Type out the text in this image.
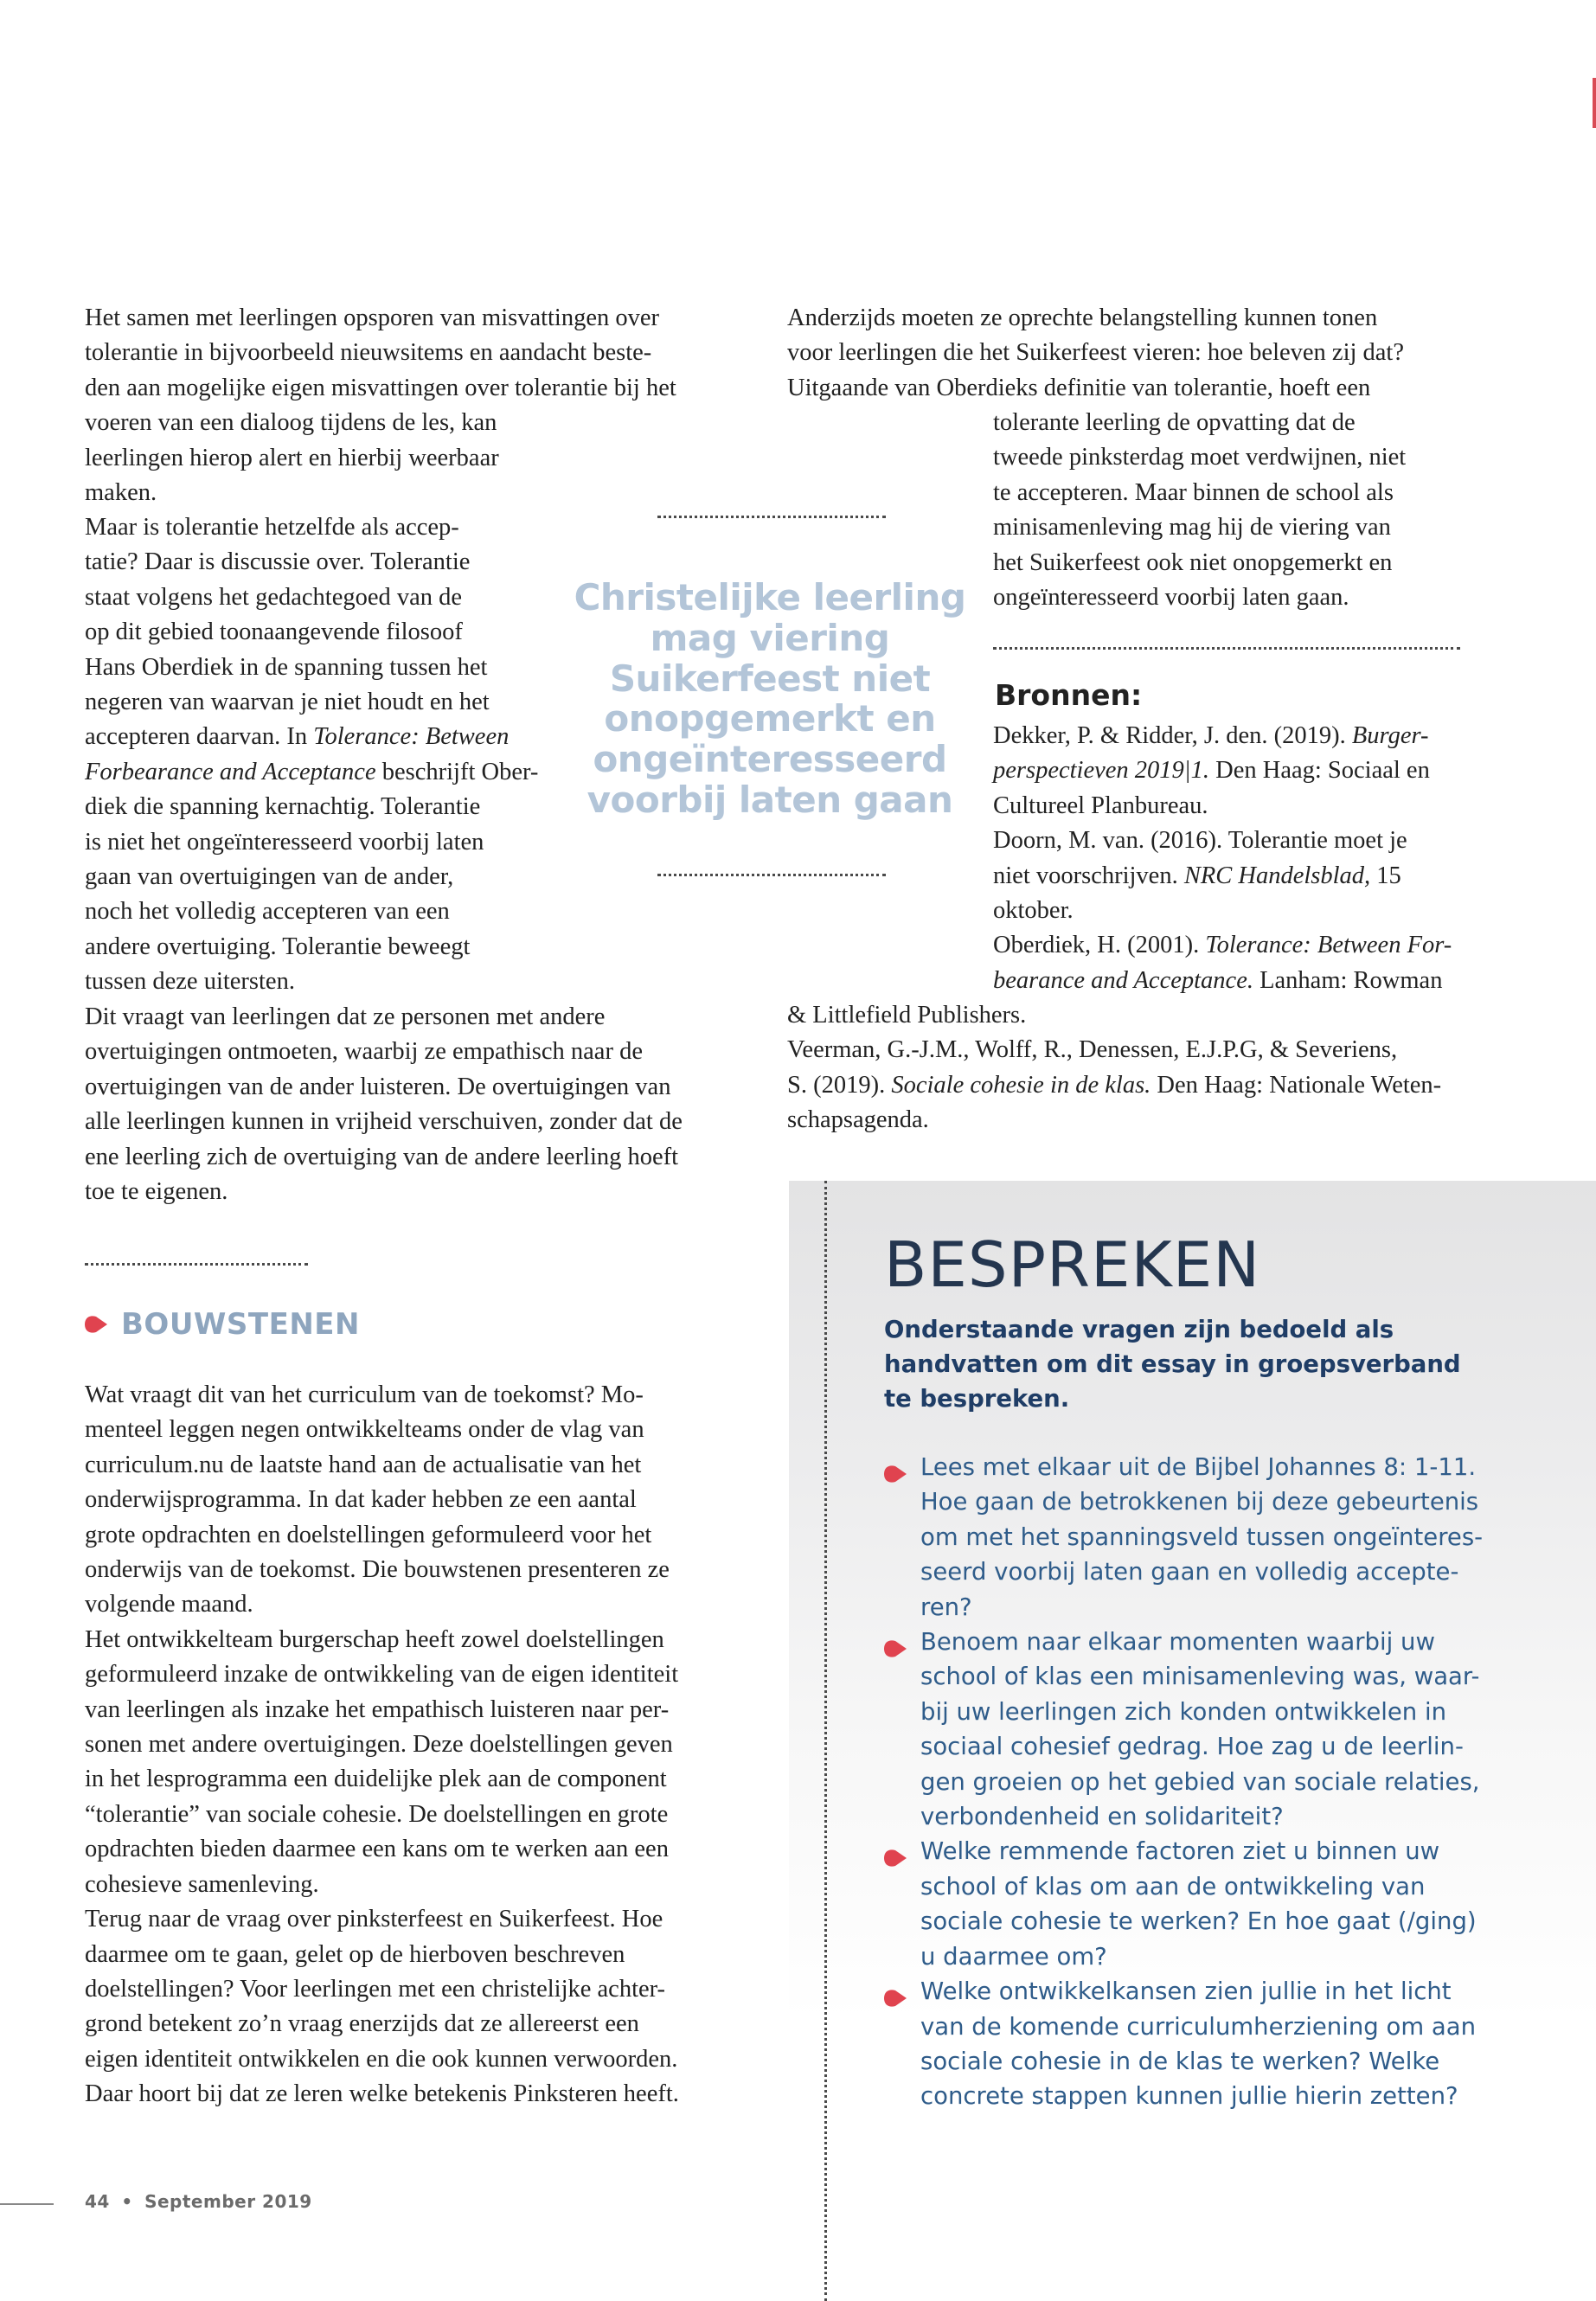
Het samen met leerlingen opsporen van misvattingen over
tolerantie in bijvoorbeeld nieuwsitems en aandacht beste-
den aan mogelijke eigen misvattingen over tolerantie bij het
voeren van een dialoog tijdens de les, kan
leerlingen hierop alert en hierbij weerbaar
maken.
Maar is tolerantie hetzelfde als accep-
tatie? Daar is discussie over. Tolerantie
staat volgens het gedachtegoed van de
op dit gebied toonaangevende filosoof
Hans Oberdiek in de spanning tussen het
negeren van waarvan je niet houdt en het
accepteren daarvan. In Tolerance: Between
Forbearance and Acceptance beschrijft Ober-
diek die spanning kernachtig. Tolerantie
is niet het ongeïnteresseerd voorbij laten
gaan van overtuigingen van de ander,
noch het volledig accepteren van een
andere overtuiging. Tolerantie beweegt
tussen deze uitersten.
Dit vraagt van leerlingen dat ze personen met andere
overtuigingen ontmoeten, waarbij ze empathisch naar de
overtuigingen van de ander luisteren. De overtuigingen van
alle leerlingen kunnen in vrijheid verschuiven, zonder dat de
ene leerling zich de overtuiging van de andere leerling hoeft
toe te eigenen.
Christelijke leerling
mag viering
Suikerfeest niet
onopgemerkt en
ongeïnteresseerd
voorbij laten gaan
Anderzijds moeten ze oprechte belangstelling kunnen tonen
voor leerlingen die het Suikerfeest vieren: hoe beleven zij dat?
Uitgaande van Oberdieks definitie van tolerantie, hoeft een
tolerante leerling de opvatting dat de
tweede pinksterdag moet verdwijnen, niet
te accepteren. Maar binnen de school als
minisamenleving mag hij de viering van
het Suikerfeest ook niet onopgemerkt en
ongeïnteresseerd voorbij laten gaan.
Bronnen:
Dekker, P. & Ridder, J. den. (2019). Burger-
perspectieven 2019|1. Den Haag: Sociaal en
Cultureel Planbureau.
Doorn, M. van. (2016). Tolerantie moet je
niet voorschrijven. NRC Handelsblad, 15
oktober.
Oberdiek, H. (2001). Tolerance: Between For-
bearance and Acceptance. Lanham: Rowman
& Littlefield Publishers.
Veerman, G.-J.M., Wolff, R., Denessen, E.J.P.G, & Severiens,
S. (2019). Sociale cohesie in de klas. Den Haag: Nationale Weten-
schapsagenda.
BOUWSTENEN
Wat vraagt dit van het curriculum van de toekomst? Mo-
menteel leggen negen ontwikkelteams onder de vlag van
curriculum.nu de laatste hand aan de actualisatie van het
onderwijsprogramma. In dat kader hebben ze een aantal
grote opdrachten en doelstellingen geformuleerd voor het
onderwijs van de toekomst. Die bouwstenen presenteren ze
volgende maand.
Het ontwikkelteam burgerschap heeft zowel doelstellingen
geformuleerd inzake de ontwikkeling van de eigen identiteit
van leerlingen als inzake het empathisch luisteren naar per-
sonen met andere overtuigingen. Deze doelstellingen geven
in het lesprogramma een duidelijke plek aan de component
“tolerantie” van sociale cohesie. De doelstellingen en grote
opdrachten bieden daarmee een kans om te werken aan een
cohesieve samenleving.
Terug naar de vraag over pinksterfeest en Suikerfeest. Hoe
daarmee om te gaan, gelet op de hierboven beschreven
doelstellingen? Voor leerlingen met een christelijke achter-
grond betekent zo’n vraag enerzijds dat ze allereerst een
eigen identiteit ontwikkelen en die ook kunnen verwoorden.
Daar hoort bij dat ze leren welke betekenis Pinksteren heeft.
BESPREKEN
Onderstaande vragen zijn bedoeld als
handvatten om dit essay in groepsverband
te bespreken.
Lees met elkaar uit de Bijbel Johannes 8: 1-11.
Hoe gaan de betrokkenen bij deze gebeurtenis
om met het spanningsveld tussen ongeïnteres-
seerd voorbij laten gaan en volledig accepte-
ren?
Benoem naar elkaar momenten waarbij uw
school of klas een minisamenleving was, waar-
bij uw leerlingen zich konden ontwikkelen in
sociaal cohesief gedrag. Hoe zag u de leerlin-
gen groeien op het gebied van sociale relaties,
verbondenheid en solidariteit?
Welke remmende factoren ziet u binnen uw
school of klas om aan de ontwikkeling van
sociale cohesie te werken? En hoe gaat (/ging)
u daarmee om?
Welke ontwikkelkansen zien jullie in het licht
van de komende curriculumherziening om aan
sociale cohesie in de klas te werken? Welke
concrete stappen kunnen jullie hierin zetten?
44 • September 2019
